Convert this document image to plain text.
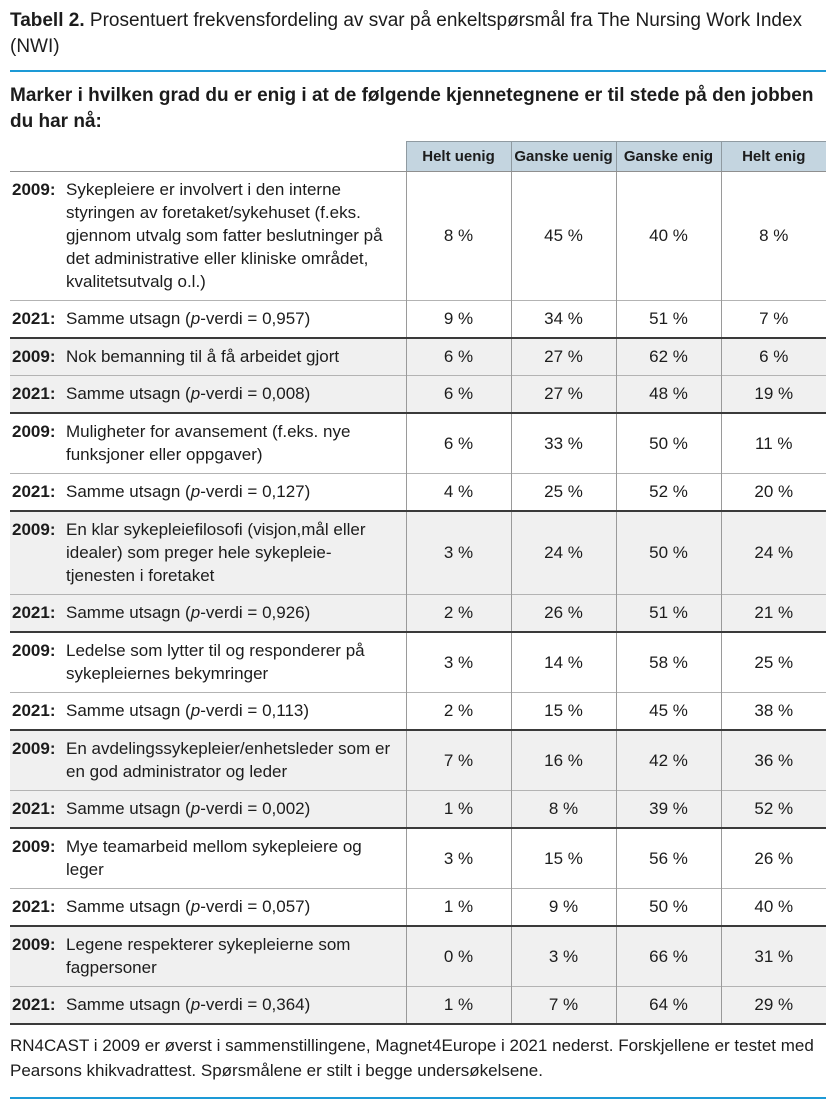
Tabell 2. Prosentuert frekvensfordeling av svar på enkeltspørsmål fra The Nursing Work Index (NWI)

Marker i hvilken grad du er enig i at de følgende kjennetegnene er til stede på den jobben du har nå:

	Helt uenig	Ganske uenig	Ganske enig	Helt enig
2009: Sykepleiere er involvert i den interne styringen av foretaket/sykehuset (f.eks. gjennom utvalg som fatter beslutninger på det administrative eller kliniske området, kvalitetsutvalg o.l.)	8 %	45 %	40 %	8 %
2021: Samme utsagn (p-verdi = 0,957)	9 %	34 %	51 %	7 %
2009: Nok bemanning til å få arbeidet gjort	6 %	27 %	62 %	6 %
2021: Samme utsagn (p-verdi = 0,008)	6 %	27 %	48 %	19 %
2009: Muligheter for avansement (f.eks. nye funksjoner eller oppgaver)	6 %	33 %	50 %	11 %
2021: Samme utsagn (p-verdi = 0,127)	4 %	25 %	52 %	20 %
2009: En klar sykepleiefilosofi (visjon,mål eller idealer) som preger hele sykepleie-tjenesten i foretaket	3 %	24 %	50 %	24 %
2021: Samme utsagn (p-verdi = 0,926)	2 %	26 %	51 %	21 %
2009: Ledelse som lytter til og responderer på sykepleiernes bekymringer	3 %	14 %	58 %	25 %
2021: Samme utsagn (p-verdi = 0,113)	2 %	15 %	45 %	38 %
2009: En avdelingssykepleier/enhetsleder som er en god administrator og leder	7 %	16 %	42 %	36 %
2021: Samme utsagn (p-verdi = 0,002)	1 %	8 %	39 %	52 %
2009: Mye teamarbeid mellom sykepleiere og leger	3 %	15 %	56 %	26 %
2021: Samme utsagn (p-verdi = 0,057)	1 %	9 %	50 %	40 %
2009: Legene respekterer sykepleierne som fagpersoner	0 %	3 %	66 %	31 %
2021: Samme utsagn (p-verdi = 0,364)	1 %	7 %	64 %	29 %

RN4CAST i 2009 er øverst i sammenstillingene, Magnet4Europe i 2021 nederst. Forskjellene er testet med Pearsons khikvadrattest. Spørsmålene er stilt i begge undersøkelsene.
